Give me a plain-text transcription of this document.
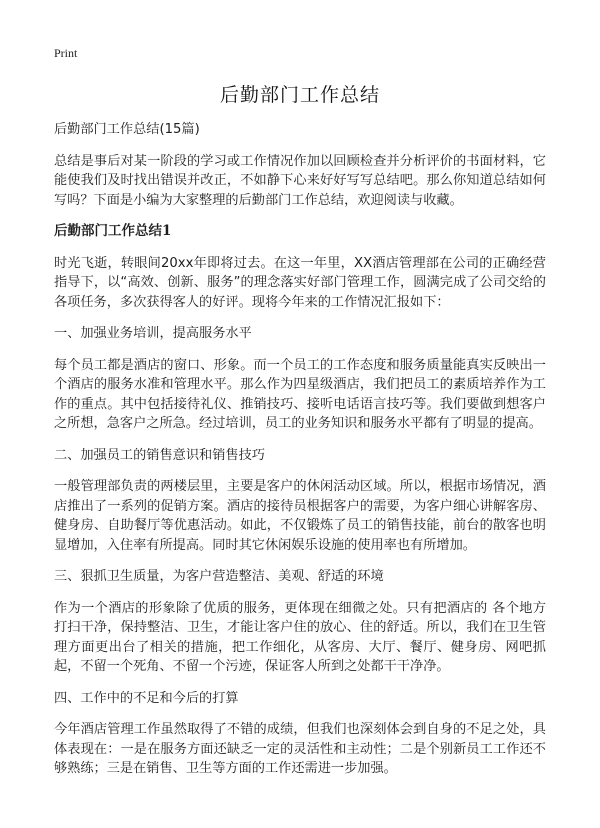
Print
后勤部门工作总结

后勤部门工作总结(15篇)

总结是事后对某一阶段的学习或工作情况作加以回顾检查并分析评价的书面材料，它能使我们及时找出错误并改正，不如静下心来好好写写总结吧。那么你知道总结如何写吗？下面是小编为大家整理的后勤部门工作总结，欢迎阅读与收藏。

后勤部门工作总结1

时光飞逝，转眼间20xx年即将过去。在这一年里，XX酒店管理部在公司的正确经营指导下，以“高效、创新、服务”的理念落实好部门管理工作，圆满完成了公司交给的各项任务，多次获得客人的好评。现将今年来的工作情况汇报如下：

一、加强业务培训，提高服务水平

每个员工都是酒店的窗口、形象。而一个员工的工作态度和服务质量能真实反映出一个酒店的服务水准和管理水平。那么作为四星级酒店，我们把员工的素质培养作为工作的重点。其中包括接待礼仪、推销技巧、接听电话语言技巧等。我们要做到想客户之所想，急客户之所急。经过培训，员工的业务知识和服务水平都有了明显的提高。

二、加强员工的销售意识和销售技巧

一般管理部负责的两楼层里，主要是客户的休闲活动区域。所以，根据市场情况，酒店推出了一系列的促销方案。酒店的接待员根据客户的需要，为客户细心讲解客房、健身房、自助餐厅等优惠活动。如此，不仅锻炼了员工的销售技能，前台的散客也明显增加，入住率有所提高。同时其它休闲娱乐设施的使用率也有所增加。

三、狠抓卫生质量，为客户营造整洁、美观、舒适的环境

作为一个酒店的形象除了优质的服务，更体现在细微之处。只有把酒店的 各个地方打扫干净，保持整洁、卫生，才能让客户住的放心、住的舒适。所以，我们在卫生管理方面更出台了相关的措施，把工作细化，从客房、大厅、餐厅、健身房、网吧抓起，不留一个死角、不留一个污迹，保证客人所到之处都干干净净。

四、工作中的不足和今后的打算

今年酒店管理工作虽然取得了不错的成绩，但我们也深刻体会到自身的不足之处，具体表现在：一是在服务方面还缺乏一定的灵活性和主动性；二是个别新员工工作还不够熟练；三是在销售、卫生等方面的工作还需进一步加强。
